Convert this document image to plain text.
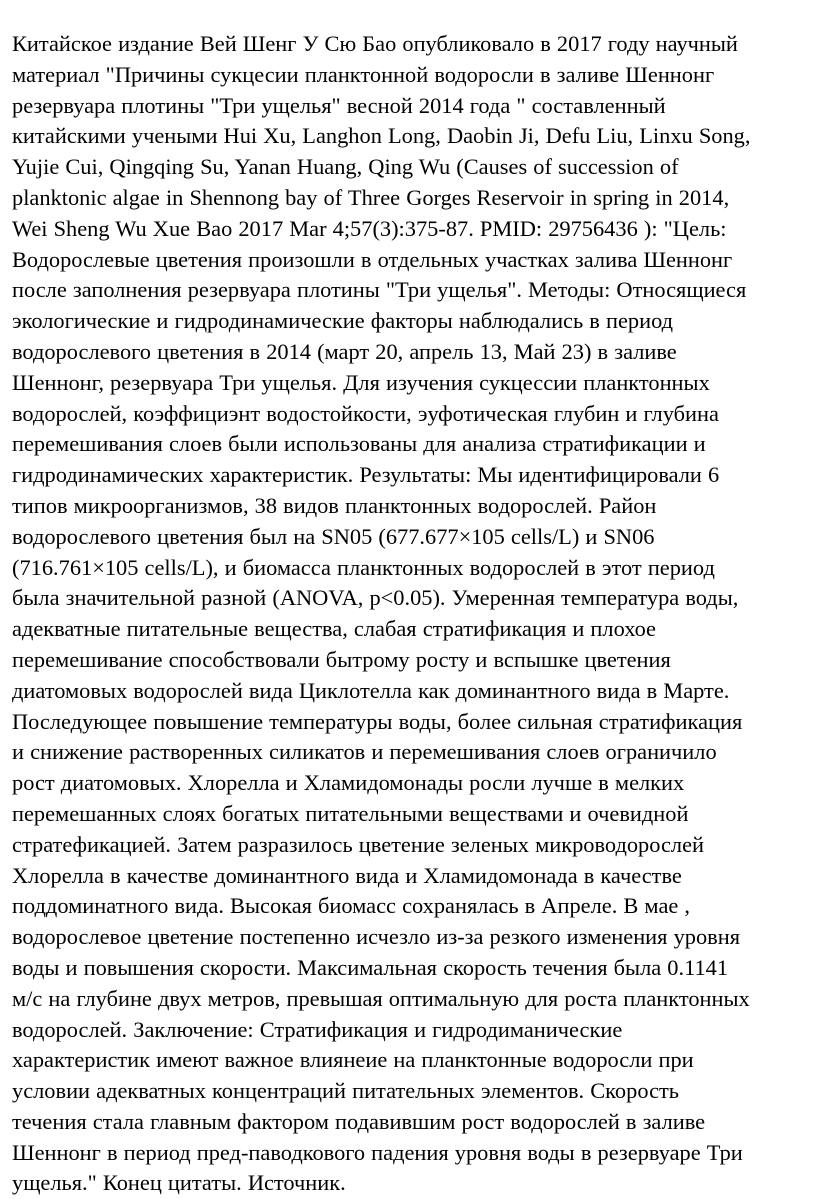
Китайское издание Вей Шенг У Сю Бао опубликовало в 2017 году научный
материал "Причины сукцесии планктонной водоросли в заливе Шеннонг
резервуара плотины "Три ущелья" весной 2014 года " составленный
китайскими учеными Hui Xu, Langhon Long, Daobin Ji, Defu Liu, Linxu Song,
Yujie Cui, Qingqing Su, Yanan Huang, Qing Wu (Causes of succession of
planktonic algae in Shennong bay of Three Gorges Reservoir in spring in 2014,
Wei Sheng Wu Xue Bao 2017 Mar 4;57(3):375-87. PMID: 29756436 ): "Цель:
Водорослевые цветения произошли в отдельных участках залива Шеннонг
после заполнения резервуара плотины "Три ущелья". Методы: Относящиеся
экологические и гидродинамические факторы наблюдались в период
водорослевого цветения в 2014 (март 20, апрель 13, Май 23) в заливе
Шеннонг, резервуара Три ущелья. Для изучения сукцессии планктонных
водорослей, коэффициэнт водостойкости, эуфотическая глубин и глубина
перемешивания слоев были использованы для анализа стратификации и
гидродинамических характеристик. Результаты: Мы идентифицировали 6
типов микроорганизмов, 38 видов планктонных водорослей. Район
водорослевого цветения был на SN05 (677.677×105 cells/L) и SN06
(716.761×105 cells/L), и биомасса планктонных водорослей в этот период
была значительной разной (ANOVA, p<0.05). Умеренная температура воды,
адекватные питательные вещества, слабая стратификация и плохое
перемешивание способствовали бытрому росту и вспышке цветения
диатомовых водорослей вида Циклотелла как доминантного вида в Марте.
Последующее повышение температуры воды, более сильная стратификация
и снижение растворенных силикатов и перемешивания слоев ограничило
рост диатомовых. Хлорелла и Хламидомонады росли лучше в мелких
перемешанных слоях богатых питательными веществами и очевидной
стратефикацией. Затем разразилось цветение зеленых микроводорослей
Хлорелла в качестве доминантного вида и Хламидомонада в качестве
поддоминатного вида. Высокая биомасс сохранялась в Апреле. В мае ,
водорослевое цветение постепенно исчезло из-за резкого изменения уровня
воды и повышения скорости. Максимальная скорость течения была 0.1141
м/с на глубине двух метров, превышая оптимальную для роста планктонных
водорослей. Заключение: Стратификация и гидродиманические
характеристик имеют важное влиянеие на планктонные водоросли при
условии адекватных концентраций питательных элементов. Скорость
течения стала главным фактором подавившим рост водорослей в заливе
Шеннонг в период пред-паводкового падения уровня воды в резервуаре Три
ущелья." Конец цитаты. Источник.
